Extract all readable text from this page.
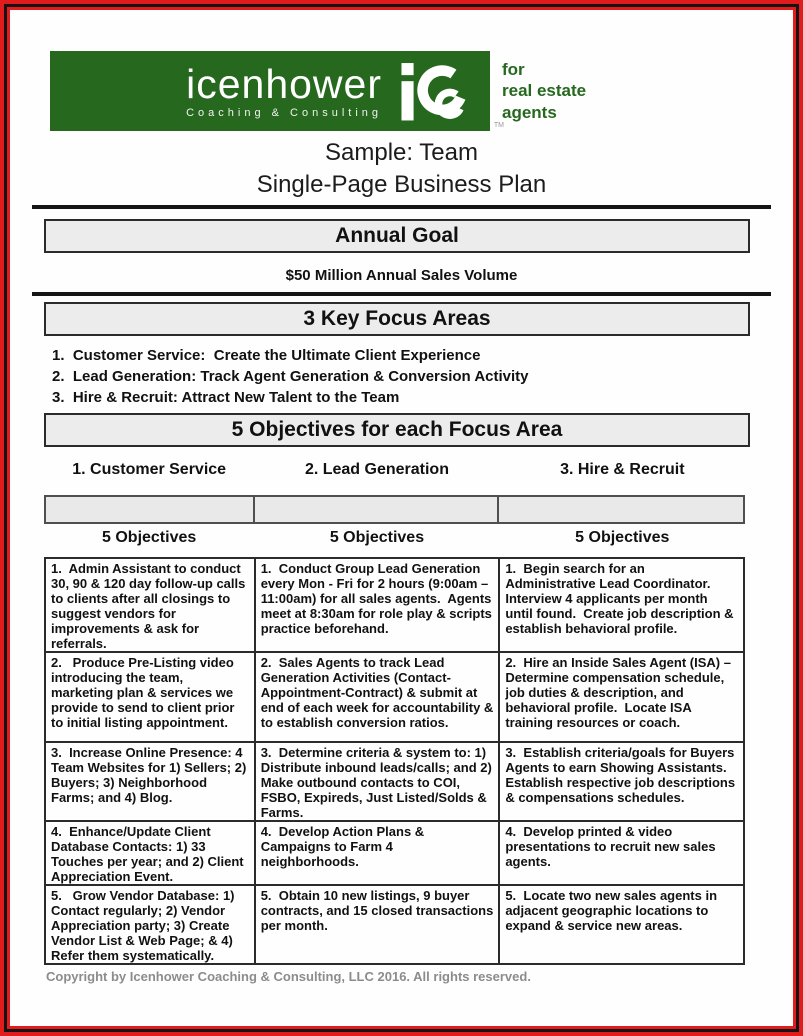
icenhower
Coaching & Consulting
TM
for
real estate
agents
Sample: Team
Single-Page Business Plan
Annual Goal
$50 Million Annual Sales Volume
3 Key Focus Areas
1.  Customer Service:  Create the Ultimate Client Experience
2.  Lead Generation: Track Agent Generation & Conversion Activity
3.  Hire & Recruit: Attract New Talent to the Team
5 Objectives for each Focus Area
1. Customer Service	2. Lead Generation	3. Hire & Recruit
5 Objectives	5 Objectives	5 Objectives
1.  Admin Assistant to conduct 30, 90 & 120 day follow-up calls to clients after all closings to suggest vendors for improvements & ask for referrals.	1.  Conduct Group Lead Generation every Mon - Fri for 2 hours (9:00am – 11:00am) for all sales agents.  Agents meet at 8:30am for role play & scripts practice beforehand.	1.  Begin search for an Administrative Lead Coordinator.  Interview 4 applicants per month until found.  Create job description & establish behavioral profile.
2.   Produce Pre-Listing video introducing the team, marketing plan & services we provide to send to client prior to initial listing appointment.	2.  Sales Agents to track Lead Generation Activities (Contact-Appointment-Contract) & submit at end of each week for accountability & to establish conversion ratios.	2.  Hire an Inside Sales Agent (ISA) – Determine compensation schedule, job duties & description, and behavioral profile.  Locate ISA training resources or coach.
3.  Increase Online Presence: 4 Team Websites for 1) Sellers; 2) Buyers; 3) Neighborhood Farms; and 4) Blog.	3.  Determine criteria & system to: 1) Distribute inbound leads/calls; and 2) Make outbound contacts to COI, FSBO, Expireds, Just Listed/Solds & Farms.	3.  Establish criteria/goals for Buyers Agents to earn Showing Assistants.  Establish respective job descriptions & compensations schedules.
4.  Enhance/Update Client Database Contacts: 1) 33 Touches per year; and 2) Client Appreciation Event.	4.  Develop Action Plans & Campaigns to Farm 4 neighborhoods.	4.  Develop printed & video presentations to recruit new sales agents.
5.   Grow Vendor Database: 1) Contact regularly; 2) Vendor Appreciation party; 3) Create Vendor List & Web Page; & 4) Refer them systematically.	5.  Obtain 10 new listings, 9 buyer contracts, and 15 closed transactions per month.	5.  Locate two new sales agents in adjacent geographic locations to expand & service new areas.
Copyright by Icenhower Coaching & Consulting, LLC 2016. All rights reserved.
